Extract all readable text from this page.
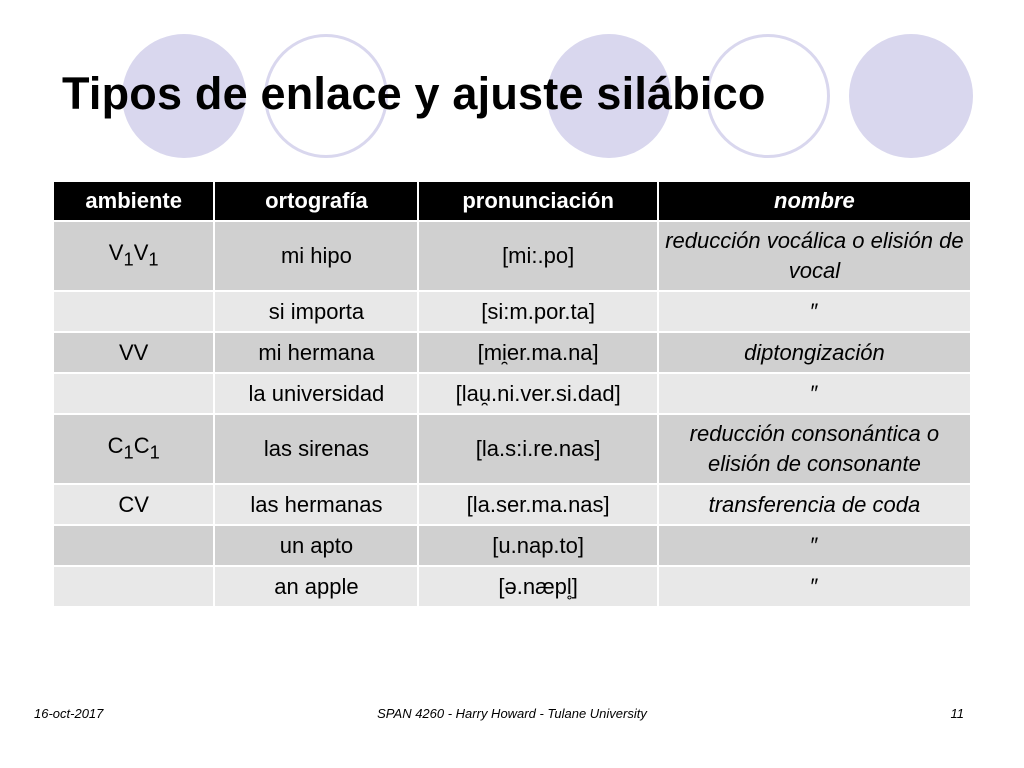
Tipos de enlace y ajuste silábico
ambiente	ortografía	pronunciación	nombre
$V_1V_1$	mi hipo	[mi:.po]	reducción vocálica o elisión de vocal
	si importa	[si:m.por.ta]	″
VV	mi hermana	[mi̯er.ma.na]	diptongización
	la universidad	[lau̯.ni.ver.si.dad]	″
$C_1C_1$	las sirenas	[la.s:i.re.nas]	reducción consonántica o elisión de consonante
CV	las hermanas	[la.ser.ma.nas]	transferencia de coda
	un apto	[u.nap.to]	″
	an apple	[ə.næpl̥]	″
16-oct-2017	SPAN 4260 - Harry Howard - Tulane University	11
